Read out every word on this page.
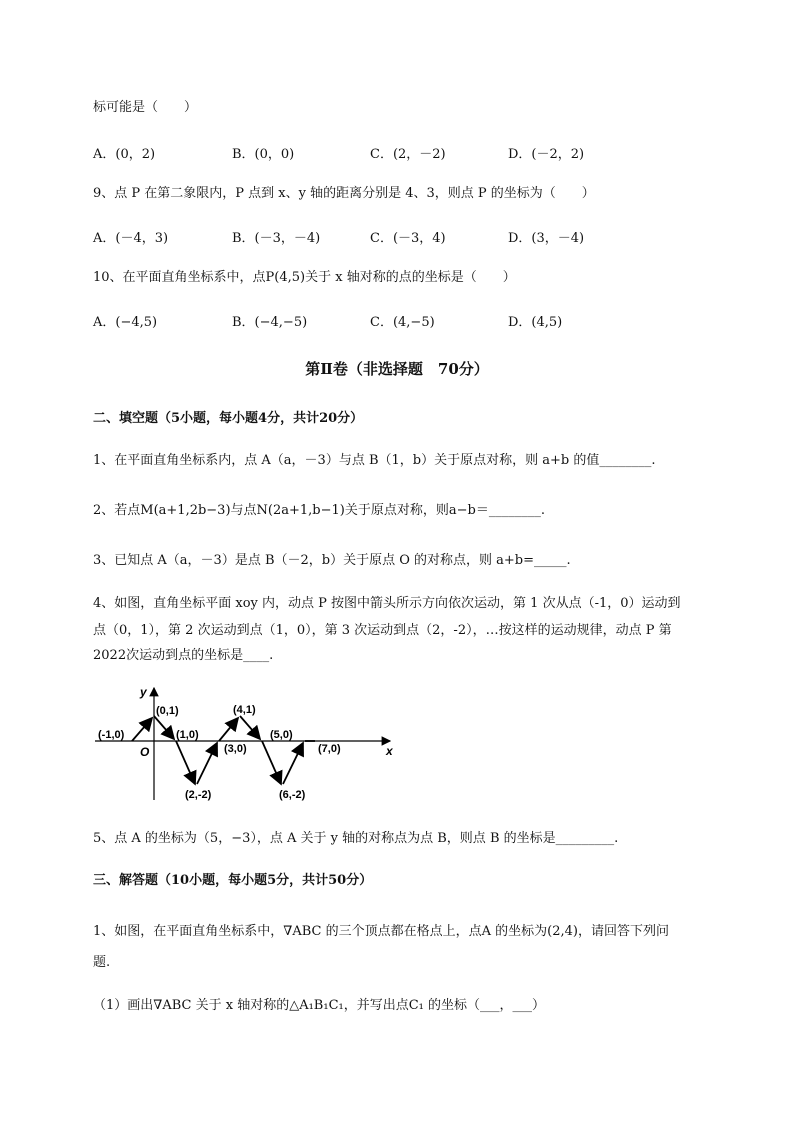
标可能是（　　）
A．(0，2)	B．(0，0)	C．(2，－2)	D．(－2，2)
9、点 P 在第二象限内，P 点到 x、y 轴的距离分别是 4、3，则点 P 的坐标为（　　）
A．(－4，3)	B．(－3，－4)	C．(－3，4)	D．(3，－4)
10、在平面直角坐标系中，点P(4,5)关于 x 轴对称的点的坐标是（　　）
A．(−4,5)	B．(−4,−5)	C．(4,−5)	D．(4,5)
第Ⅱ卷（非选择题　70分）
二、填空题（5小题，每小题4分，共计20分）
1、在平面直角坐标系内，点 A（a，－3）与点 B（1，b）关于原点对称，则 a+b 的值________.
2、若点M(a+1,2b−3)与点N(2a+1,b−1)关于原点对称，则a−b＝________.
3、已知点 A（a，－3）是点 B（－2，b）关于原点 O 的对称点，则 a+b=_____.
4、如图，直角坐标平面 xoy 内，动点 P 按图中箭头所示方向依次运动，第 1 次从点（-1，0）运动到
点（0，1），第 2 次运动到点（1，0），第 3 次运动到点（2，-2），…按这样的运动规律，动点 P 第
2022次运动到点的坐标是____.
x
y
O
(-1,0)
(0,1)
(1,0)
(2,-2)
(3,0)
(4,1)
(5,0)
(6,-2)
(7,0)
5、点 A 的坐标为（5，−3），点 A 关于 y 轴的对称点为点 B，则点 B 的坐标是_________.
三、解答题（10小题，每小题5分，共计50分）
1、如图，在平面直角坐标系中，∇ABC 的三个顶点都在格点上，点A 的坐标为(2,4)，请回答下列问
题.
（1）画出∇ABC 关于 x 轴对称的△A₁B₁C₁，并写出点C₁ 的坐标（___，___）
